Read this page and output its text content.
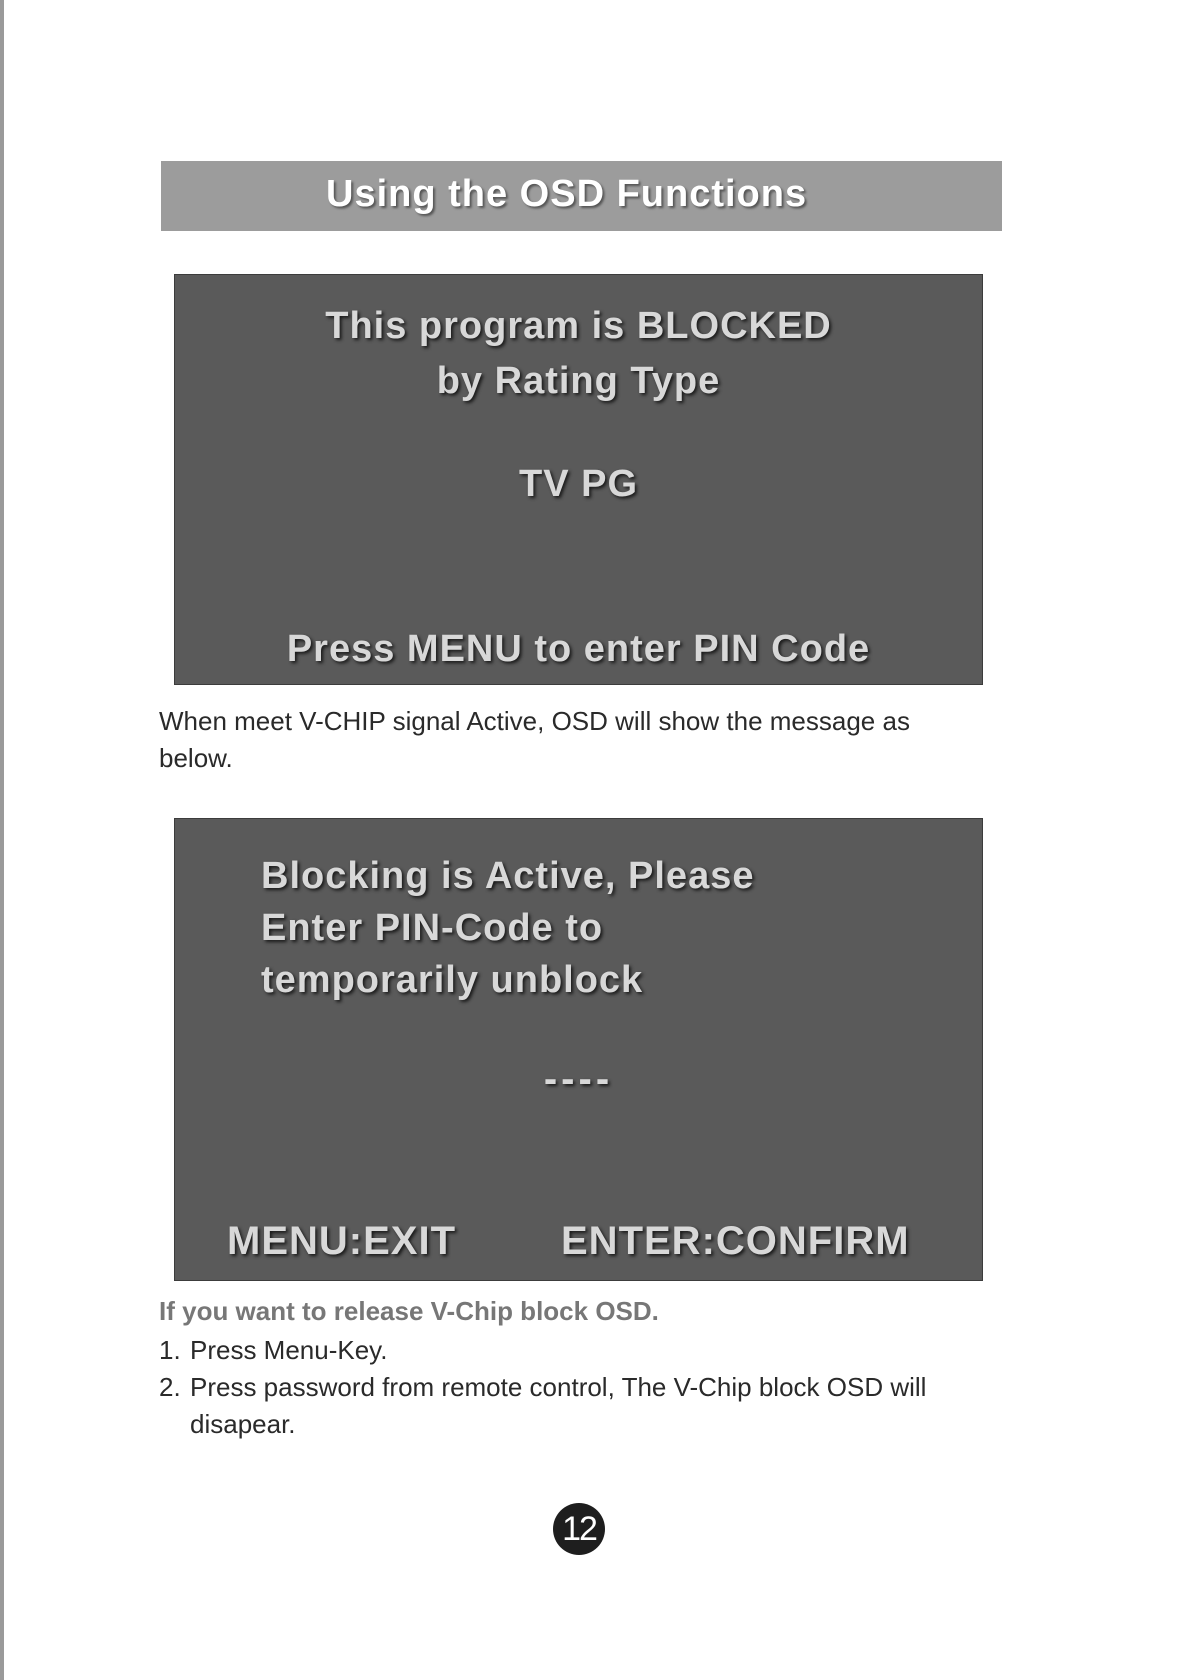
Using the OSD Functions
This program is BLOCKED
by Rating Type
TV PG
Press MENU to enter PIN Code
When meet V-CHIP signal Active, OSD will show the message as below.
Blocking is Active, Please
Enter PIN-Code to
temporarily unblock
----
MENU:EXIT	ENTER:CONFIRM
If you want to release V-Chip block OSD.
1. Press Menu-Key.
2. Press password from remote control, The V-Chip block OSD will disapear.
12
